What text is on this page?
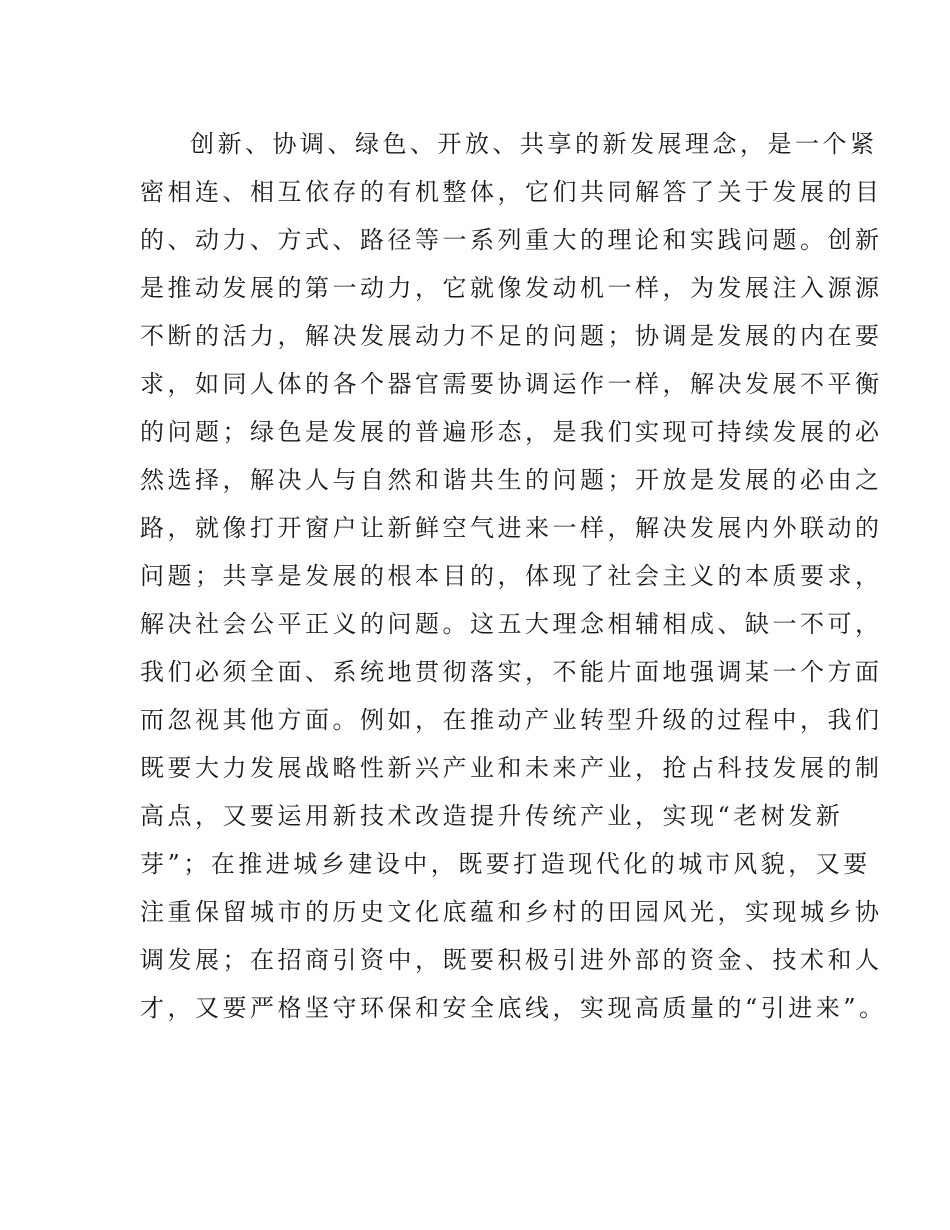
创新、协调、绿色、开放、共享的新发展理念，是一个紧
密相连、相互依存的有机整体，它们共同解答了关于发展的目
的、动力、方式、路径等一系列重大的理论和实践问题。创新
是推动发展的第一动力，它就像发动机一样，为发展注入源源
不断的活力，解决发展动力不足的问题；协调是发展的内在要
求，如同人体的各个器官需要协调运作一样，解决发展不平衡
的问题；绿色是发展的普遍形态，是我们实现可持续发展的必
然选择，解决人与自然和谐共生的问题；开放是发展的必由之
路，就像打开窗户让新鲜空气进来一样，解决发展内外联动的
问题；共享是发展的根本目的，体现了社会主义的本质要求，
解决社会公平正义的问题。这五大理念相辅相成、缺一不可，
我们必须全面、系统地贯彻落实，不能片面地强调某一个方面
而忽视其他方面。例如，在推动产业转型升级的过程中，我们
既要大力发展战略性新兴产业和未来产业，抢占科技发展的制
高点，又要运用新技术改造提升传统产业，实现“老树发新
芽”；在推进城乡建设中，既要打造现代化的城市风貌，又要
注重保留城市的历史文化底蕴和乡村的田园风光，实现城乡协
调发展；在招商引资中，既要积极引进外部的资金、技术和人
才，又要严格坚守环保和安全底线，实现高质量的“引进来”。
